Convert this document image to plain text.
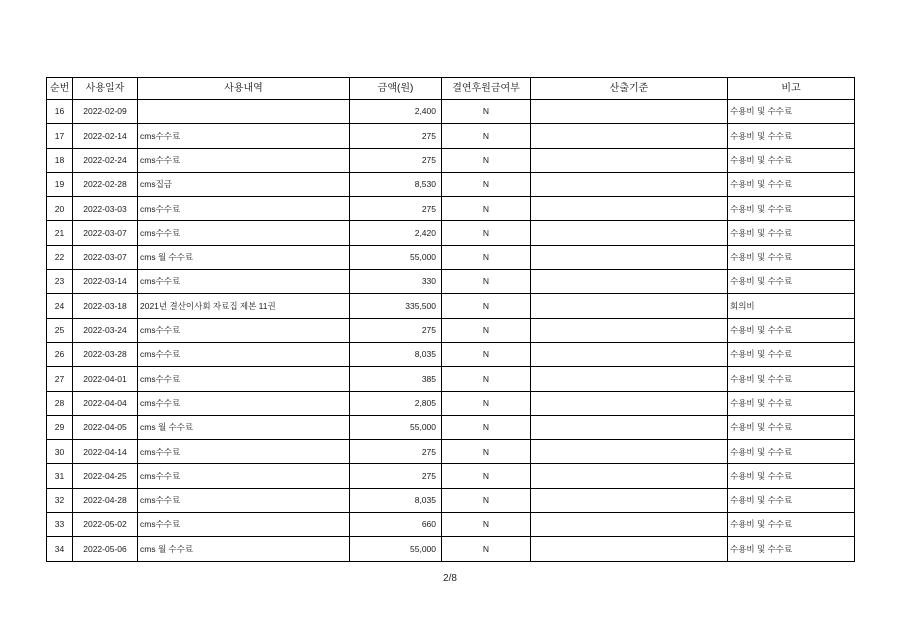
순번	사용일자	사용내역	금액(원)	결연후원금여부	산출기준	비고
16	2022-02-09		2,400	N		수용비 및 수수료
17	2022-02-14	cms수수료	275	N		수용비 및 수수료
18	2022-02-24	cms수수료	275	N		수용비 및 수수료
19	2022-02-28	cms집금	8,530	N		수용비 및 수수료
20	2022-03-03	cms수수료	275	N		수용비 및 수수료
21	2022-03-07	cms수수료	2,420	N		수용비 및 수수료
22	2022-03-07	cms 월 수수료	55,000	N		수용비 및 수수료
23	2022-03-14	cms수수료	330	N		수용비 및 수수료
24	2022-03-18	2021년 결산이사회 자료집 제본 11권	335,500	N		회의비
25	2022-03-24	cms수수료	275	N		수용비 및 수수료
26	2022-03-28	cms수수료	8,035	N		수용비 및 수수료
27	2022-04-01	cms수수료	385	N		수용비 및 수수료
28	2022-04-04	cms수수료	2,805	N		수용비 및 수수료
29	2022-04-05	cms 월 수수료	55,000	N		수용비 및 수수료
30	2022-04-14	cms수수료	275	N		수용비 및 수수료
31	2022-04-25	cms수수료	275	N		수용비 및 수수료
32	2022-04-28	cms수수료	8,035	N		수용비 및 수수료
33	2022-05-02	cms수수료	660	N		수용비 및 수수료
34	2022-05-06	cms 월 수수료	55,000	N		수용비 및 수수료
2/8
